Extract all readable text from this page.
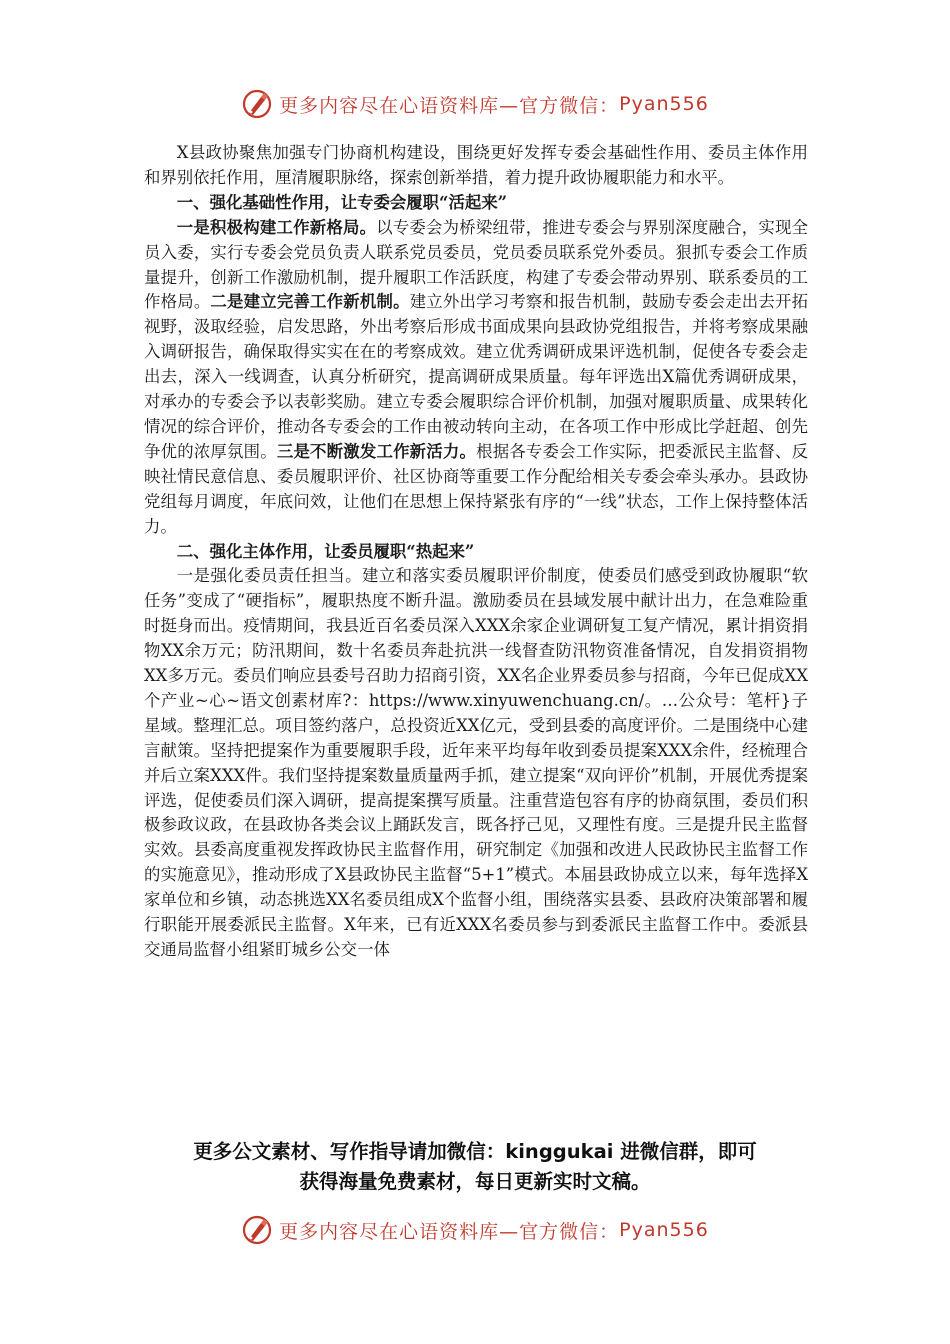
更多内容尽在心语资料库—官方微信： Pyan556

X县政协聚焦加强专门协商机构建设，围绕更好发挥专委会基础性作用、委员主体作用和界别依托作用，厘清履职脉络，探索创新举措，着力提升政协履职能力和水平。

一、强化基础性作用，让专委会履职“活起来”

一是积极构建工作新格局。以专委会为桥梁纽带，推进专委会与界别深度融合，实现全员入委，实行专委会党员负责人联系党员委员，党员委员联系党外委员。狠抓专委会工作质量提升，创新工作激励机制，提升履职工作活跃度，构建了专委会带动界别、联系委员的工作格局。二是建立完善工作新机制。建立外出学习考察和报告机制，鼓励专委会走出去开拓视野，汲取经验，启发思路，外出考察后形成书面成果向县政协党组报告，并将考察成果融入调研报告，确保取得实实在在的考察成效。建立优秀调研成果评选机制，促使各专委会走出去，深入一线调查，认真分析研究，提高调研成果质量。每年评选出X篇优秀调研成果，对承办的专委会予以表彰奖励。建立专委会履职综合评价机制，加强对履职质量、成果转化情况的综合评价，推动各专委会的工作由被动转向主动，在各项工作中形成比学赶超、创先争优的浓厚氛围。三是不断激发工作新活力。根据各专委会工作实际，把委派民主监督、反映社情民意信息、委员履职评价、社区协商等重要工作分配给相关专委会牵头承办。县政协党组每月调度，年底问效，让他们在思想上保持紧张有序的“一线”状态，工作上保持整体活力。

二、强化主体作用，让委员履职“热起来”

一是强化委员责任担当。建立和落实委员履职评价制度，使委员们感受到政协履职“软任务”变成了“硬指标”，履职热度不断升温。激励委员在县域发展中献计出力，在急难险重时挺身而出。疫情期间，我县近百名委员深入XXX余家企业调研复工复产情况，累计捐资捐物XX余万元；防汛期间，数十名委员奔赴抗洪一线督查防汛物资准备情况，自发捐资捐物XX多万元。委员们响应县委号召助力招商引资，XX名企业界委员参与招商，今年已促成XX个产业~心~语文创素材库?：https://www.xinyuwenchuang.cn/。…公众号：笔杆}子星域。整理汇总。项目签约落户，总投资近XX亿元，受到县委的高度评价。二是围绕中心建言献策。坚持把提案作为重要履职手段，近年来平均每年收到委员提案XXX余件，经梳理合并后立案XXX件。我们坚持提案数量质量两手抓，建立提案“双向评价”机制，开展优秀提案评选，促使委员们深入调研，提高提案撰写质量。注重营造包容有序的协商氛围，委员们积极参政议政，在县政协各类会议上踊跃发言，既各抒己见，又理性有度。三是提升民主监督实效。县委高度重视发挥政协民主监督作用，研究制定《加强和改进人民政协民主监督工作的实施意见》，推动形成了X县政协民主监督“5+1”模式。本届县政协成立以来，每年选择X家单位和乡镇，动态挑选XX名委员组成X个监督小组，围绕落实县委、县政府决策部署和履行职能开展委派民主监督。X年来，已有近XXX名委员参与到委派民主监督工作中。委派县交通局监督小组紧盯城乡公交一体

更多公文素材、写作指导请加微信：kinggukai 进微信群，即可
获得海量免费素材，每日更新实时文稿。
更多内容尽在心语资料库—官方微信： Pyan556
